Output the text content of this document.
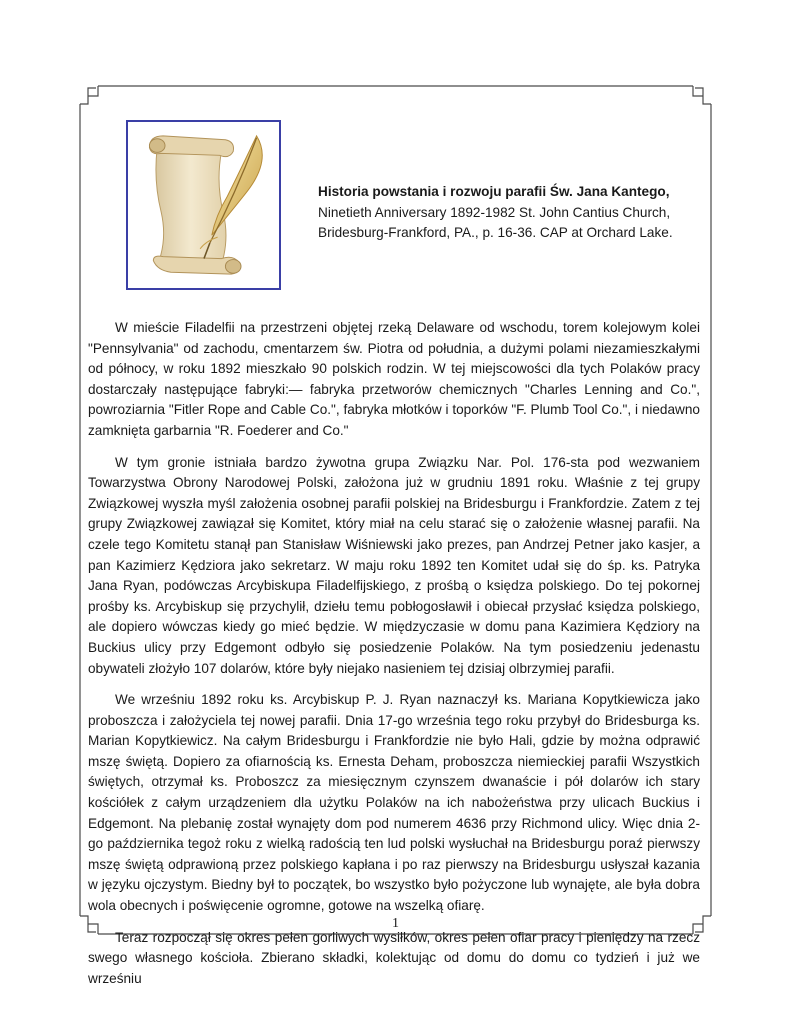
Historia powstania i rozwoju parafii Św. Jana Kantego,
Ninetieth Anniversary 1892-1982 St. John Cantius Church,
Bridesburg-Frankford, PA., p. 16-36. CAP at Orchard Lake.

W mieście Filadelfii na przestrzeni objętej rzeką Delaware od wschodu, torem kolejowym kolei "Pennsylvania" od zachodu, cmentarzem św. Piotra od południa, a dużymi polami niezamieszkałymi od północy, w roku 1892 mieszkało 90 polskich rodzin. W tej miejscowości dla tych Polaków pracy dostarczały następujące fabryki:— fabryka przetworów chemicznych "Charles Lenning and Co.", powroziarnia "Fitler Rope and Cable Co.", fabryka młotków i toporków "F. Plumb Tool Co.", i niedawno zamknięta garbarnia "R. Foederer and Co."

W tym gronie istniała bardzo żywotna grupa Związku Nar. Pol. 176-sta pod wezwaniem Towarzystwa Obrony Narodowej Polski, założona już w grudniu 1891 roku. Właśnie z tej grupy Związkowej wyszła myśl założenia osobnej parafii polskiej na Bridesburgu i Frankfordzie. Zatem z tej grupy Związkowej zawiązał się Komitet, który miał na celu starać się o założenie własnej parafii. Na czele tego Komitetu stanął pan Stanisław Wiśniewski jako prezes, pan Andrzej Petner jako kasjer, a pan Kazimierz Kędziora jako sekretarz. W maju roku 1892 ten Komitet udał się do śp. ks. Patryka Jana Ryan, podówczas Arcybiskupa Filadelfijskiego, z prośbą o księdza polskiego. Do tej pokornej prośby ks. Arcybiskup się przychylił, dziełu temu pobłogosławił i obiecał przysłać księdza polskiego, ale dopiero wówczas kiedy go mieć będzie. W międzyczasie w domu pana Kazimiera Kędziory na Buckius ulicy przy Edgemont odbyło się posiedzenie Polaków. Na tym posiedzeniu jedenastu obywateli złożyło 107 dolarów, które były niejako nasieniem tej dzisiaj olbrzymiej parafii.

We wrześniu 1892 roku ks. Arcybiskup P. J. Ryan naznaczył ks. Mariana Kopytkiewicza jako proboszcza i założyciela tej nowej parafii. Dnia 17-go września tego roku przybył do Bridesburga ks. Marian Kopytkiewicz. Na całym Bridesburgu i Frankfordzie nie było Hali, gdzie by można odprawić mszę świętą. Dopiero za ofiarnością ks. Ernesta Deham, proboszcza niemieckiej parafii Wszystkich świętych, otrzymał ks. Proboszcz za miesięcznym czynszem dwanaście i pół dolarów ich stary kościółek z całym urządzeniem dla użytku Polaków na ich nabożeństwa przy ulicach Buckius i Edgemont. Na plebanię został wynajęty dom pod numerem 4636 przy Richmond ulicy. Więc dnia 2-go października tegoż roku z wielką radością ten lud polski wysłuchał na Bridesburgu poraź pierwszy mszę świętą odprawioną przez polskiego kapłana i po raz pierwszy na Bridesburgu usłyszał kazania w języku ojczystym. Biedny był to początek, bo wszystko było pożyczone lub wynajęte, ale była dobra wola obecnych i poświęcenie ogromne, gotowe na wszelką ofiarę.

Teraz rozpoczął się okres pełen gorliwych wysiłków, okres pełen ofiar pracy i pieniędzy na rzecz swego własnego kościoła. Zbierano składki, kolektując od domu do domu co tydzień i już we wrześniu

1
